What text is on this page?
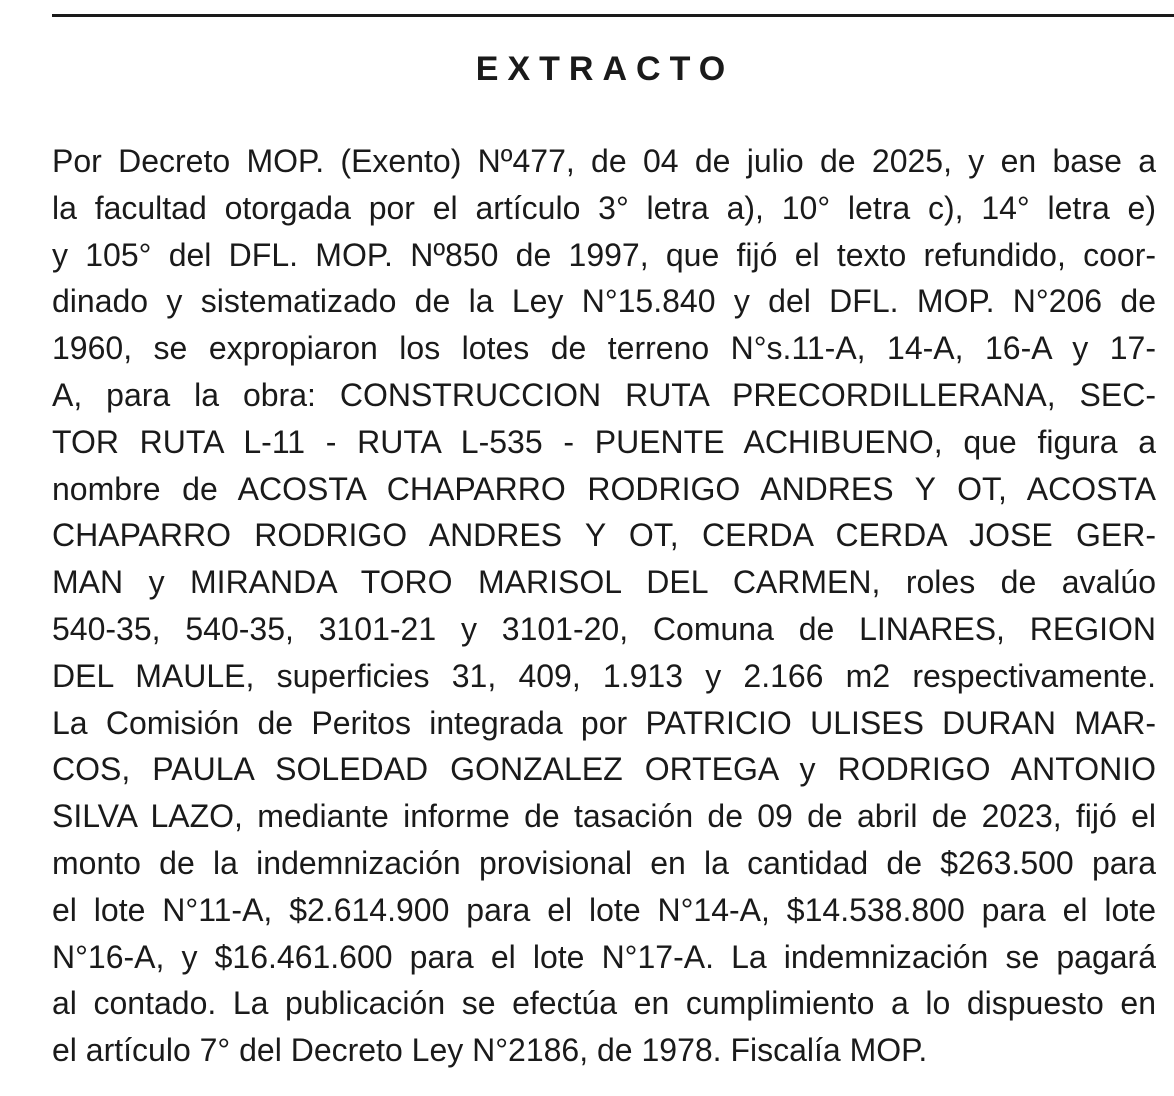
EXTRACTO
Por Decreto MOP. (Exento) Nº477, de 04 de julio de 2025, y en base a
la facultad otorgada por el artículo 3° letra a), 10° letra c), 14° letra e)
y 105° del DFL. MOP. Nº850 de 1997, que fijó el texto refundido, coor-
dinado y sistematizado de la Ley N°15.840 y del DFL. MOP. N°206 de
1960, se expropiaron los lotes de terreno N°s.11-A, 14-A, 16-A y 17-
A, para la obra: CONSTRUCCION RUTA PRECORDILLERANA, SEC-
TOR RUTA L-11 - RUTA L-535 - PUENTE ACHIBUENO, que figura a
nombre de ACOSTA CHAPARRO RODRIGO ANDRES Y OT, ACOSTA
CHAPARRO RODRIGO ANDRES Y OT, CERDA CERDA JOSE GER-
MAN y MIRANDA TORO MARISOL DEL CARMEN, roles de avalúo
540-35, 540-35, 3101-21 y 3101-20, Comuna de LINARES, REGION
DEL MAULE, superficies 31, 409, 1.913 y 2.166 m2 respectivamente.
La Comisión de Peritos integrada por PATRICIO ULISES DURAN MAR-
COS, PAULA SOLEDAD GONZALEZ ORTEGA y RODRIGO ANTONIO
SILVA LAZO, mediante informe de tasación de 09 de abril de 2023, fijó el
monto de la indemnización provisional en la cantidad de $263.500 para
el lote N°11-A, $2.614.900 para el lote N°14-A, $14.538.800 para el lote
N°16-A, y $16.461.600 para el lote N°17-A. La indemnización se pagará
al contado. La publicación se efectúa en cumplimiento a lo dispuesto en
el artículo 7° del Decreto Ley N°2186, de 1978. Fiscalía MOP.
